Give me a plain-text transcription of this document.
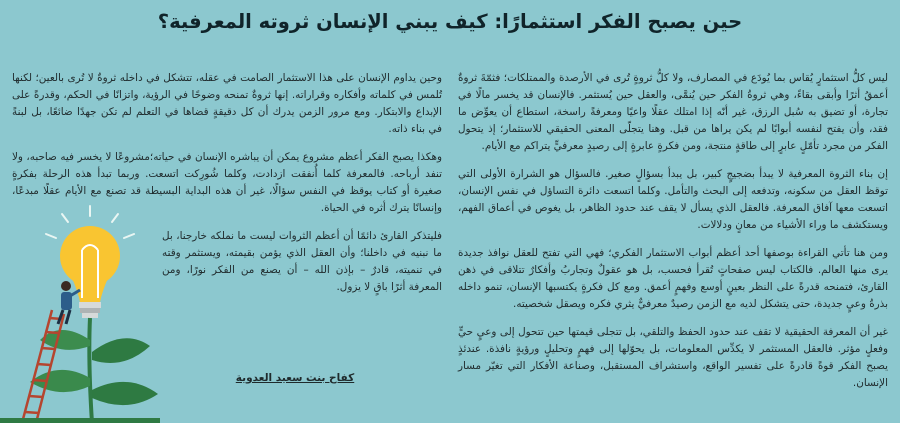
حين يصبح الفكر استثمارًا: كيف يبني الإنسان ثروته المعرفية؟

ليس كلُّ استثمارٍ يُقاس بما يُودَع في المصارف، ولا كلُّ ثروةٍ تُرى في الأرصدة والممتلكات؛ فثمّةَ ثروةٌ أعمقُ أثرًا وأبقى بقاءً، وهي ثروةُ الفكر حين يُنمَّى، والعقل حين يُستثمر. فالإنسان قد يخسر مالًا في تجارة، أو تضيق به سُبل الرزق، غير أنّه إذا امتلك عقلًا واعيًا ومعرفةً راسخة، استطاع أن يعوِّض ما فقد، وأن يفتح لنفسه أبوابًا لم يكن يراها من قبل. وهنا يتجلّى المعنى الحقيقي للاستثمار؛ إذ يتحول الفكر من مجرد تأمّلٍ عابرٍ إلى طاقةٍ منتجة، ومن فكرةٍ عابرةٍ إلى رصيدٍ معرفيٍّ يتراكم مع الأيام.

إن بناء الثروة المعرفية لا يبدأ بضجيجٍ كبير، بل يبدأ بسؤالٍ صغير. فالسؤال هو الشرارة الأولى التي توقظ العقل من سكونه، وتدفعه إلى البحث والتأمل. وكلما اتسعت دائرة التساؤل في نفس الإنسان، اتسعت معها آفاق المعرفة. فالعقل الذي يسأل لا يقف عند حدود الظاهر، بل يغوص في أعماق الفهم، ويستكشف ما وراء الأشياء من معانٍ ودلالات.

ومن هنا تأتي القراءة بوصفها أحد أعظم أبواب الاستثمار الفكري؛ فهي التي تفتح للعقل نوافذ جديدة يرى منها العالم. فالكتاب ليس صفحاتٍ تُقرأ فحسب، بل هو عقولٌ وتجاربُ وأفكارٌ تتلاقى في ذهن القارئ، فتمنحه قدرةً على النظر بعينٍ أوسع وفهمٍ أعمق. ومع كل فكرةٍ يكتسبها الإنسان، تنمو داخله بذرةُ وعيٍ جديدة، حتى يتشكل لديه مع الزمن رصيدٌ معرفيٌّ يثري فكره ويصقل شخصيته.

غير أن المعرفة الحقيقية لا تقف عند حدود الحفظ والتلقي، بل تتجلى قيمتها حين تتحول إلى وعيٍ حيٍّ وفعلٍ مؤثر. فالعقل المستثمر لا يكدِّس المعلومات، بل يحوّلها إلى فهمٍ وتحليلٍ ورؤيةٍ نافذة. عندئذٍ يصبح الفكر قوةً قادرةً على تفسير الواقع، واستشراف المستقبل، وصناعة الأفكار التي تغيّر مسار الإنسان.

وحين يداوم الإنسان على هذا الاستثمار الصامت في عقله، تتشكل في داخله ثروةٌ لا تُرى بالعين؛ لكنها تُلمس في كلماته وأفكاره وقراراته. إنها ثروةٌ تمنحه وضوحًا في الرؤية، واتزانًا في الحكم، وقدرةً على الإبداع والابتكار. ومع مرور الزمن يدرك أن كل دقيقةٍ قضاها في التعلم لم تكن جهدًا ضائعًا، بل لبنةً في بناء ذاته.

وهكذا يصبح الفكر أعظم مشروع يمكن أن يباشره الإنسان في حياته؛مشروعًا لا يخسر فيه صاحبه، ولا تنفد أرباحه. فالمعرفة كلما أُنفقت ازدادت، وكلما شُورِكت اتسعت. وربما تبدأ هذه الرحلة بفكرةٍ صغيرة أو كتاب يوقظ في النفس سؤالًا، غير أن هذه البداية البسيطة قد تصنع مع الأيام عقلًا مبدعًا، وإنسانًا يترك أثره في الحياة.

فليتذكر القارئ دائمًا أن أعظم الثروات ليست ما نملكه خارجنا، بل ما نبنيه في داخلنا؛ وأن العقل الذي يؤمن بقيمته، ويستثمر وقته في تنميته، قادرٌ – بإذن الله – أن يصنع من الفكر نورًا، ومن المعرفة أثرًا باقٍ لا يزول.

كفاح بنت سعيد العدوية
